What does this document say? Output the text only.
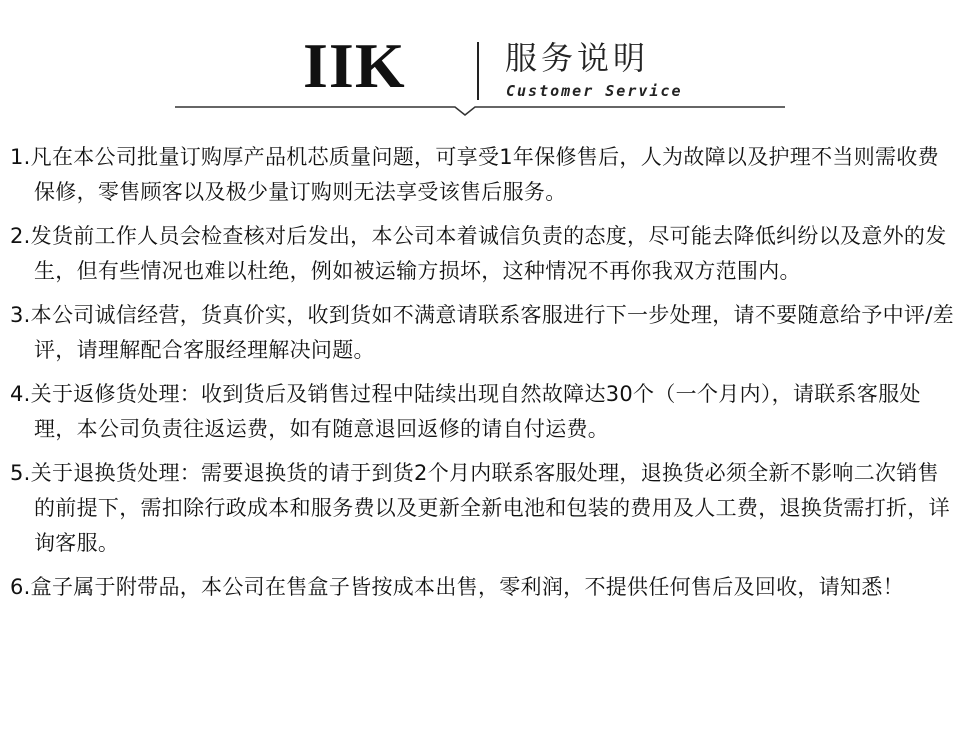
IIK	服务说明
Customer Service
1.凡在本公司批量订购厚产品机芯质量问题，可享受1年保修售后，人为故障以及护理不当则需收费保修，零售顾客以及极少量订购则无法享受该售后服务。
2.发货前工作人员会检查核对后发出，本公司本着诚信负责的态度，尽可能去降低纠纷以及意外的发生，但有些情况也难以杜绝，例如被运输方损坏，这种情况不再你我双方范围内。
3.本公司诚信经营，货真价实，收到货如不满意请联系客服进行下一步处理，请不要随意给予中评/差评，请理解配合客服经理解决问题。
4.关于返修货处理：收到货后及销售过程中陆续出现自然故障达30个（一个月内），请联系客服处理，本公司负责往返运费，如有随意退回返修的请自付运费。
5.关于退换货处理：需要退换货的请于到货2个月内联系客服处理，退换货必须全新不影响二次销售的前提下，需扣除行政成本和服务费以及更新全新电池和包装的费用及人工费，退换货需打折，详询客服。
6.盒子属于附带品，本公司在售盒子皆按成本出售，零利润，不提供任何售后及回收，请知悉！
